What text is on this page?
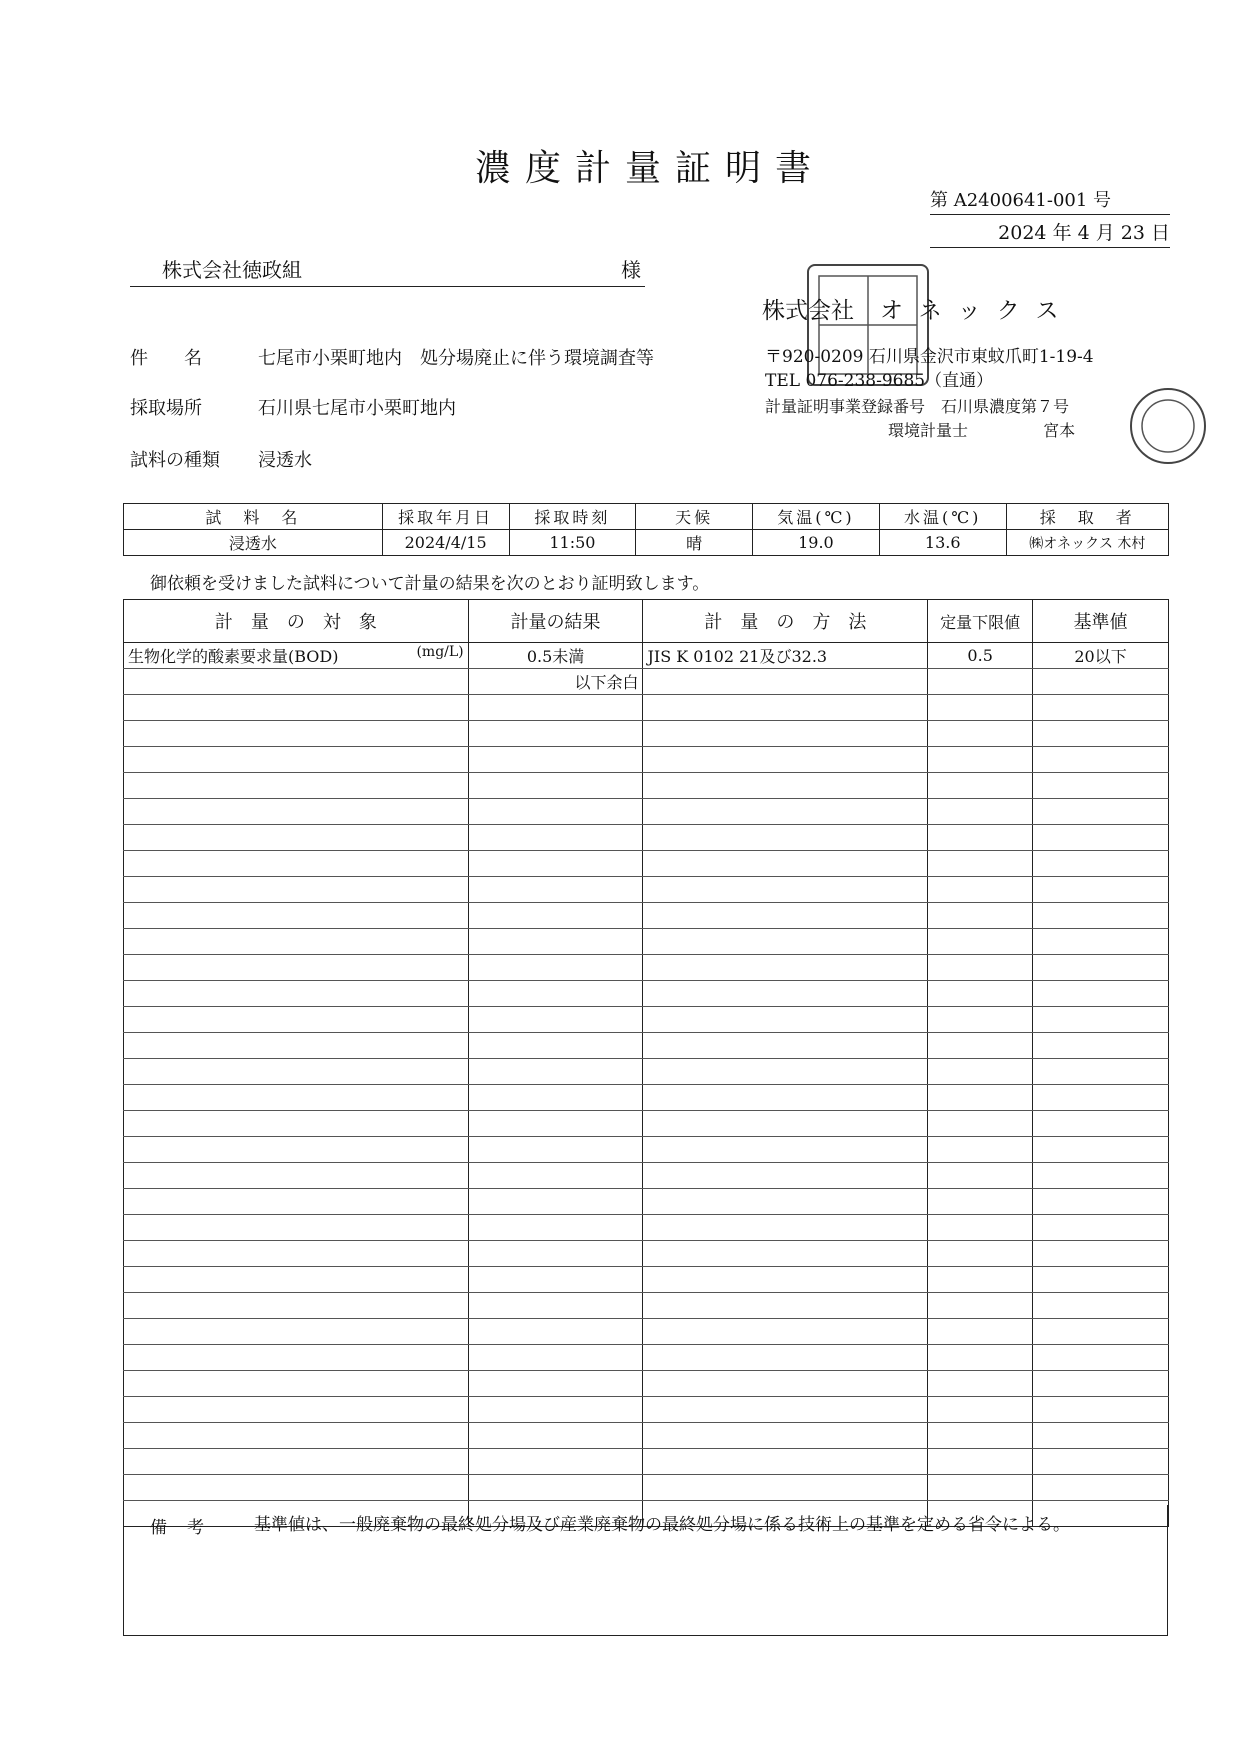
濃度計量証明書
第 A2400641-001 号
2024 年 4 月 23 日
株式会社徳政組	様
株式会社 オネックス
〒920-0209 石川県金沢市東蚊爪町1-19-4
TEL 076-238-9685（直通）
計量証明事業登録番号　石川県濃度第７号
環境計量士	宮本
件　　名	七尾市小栗町地内　処分場廃止に伴う環境調査等
採取場所	石川県七尾市小栗町地内
試料の種類 浸透水
試　料　名	採取年月日	採取時刻	天候	気温(℃)	水温(℃)	採　取　者
浸透水	2024/4/15	11:50	晴	19.0	13.6	㈱オネックス 木村
御依頼を受けました試料について計量の結果を次のとおり証明致します。
計　量　の　対　象	計量の結果	計　量　の　方　法	定量下限値	基準値
生物化学的酸素要求量(BOD) (mg/L)	0.5未満	JIS K 0102 21及び32.3	0.5	20以下
	以下余白			

備考 基準値は、一般廃棄物の最終処分場及び産業廃棄物の最終処分場に係る技術上の基準を定める省令による。
